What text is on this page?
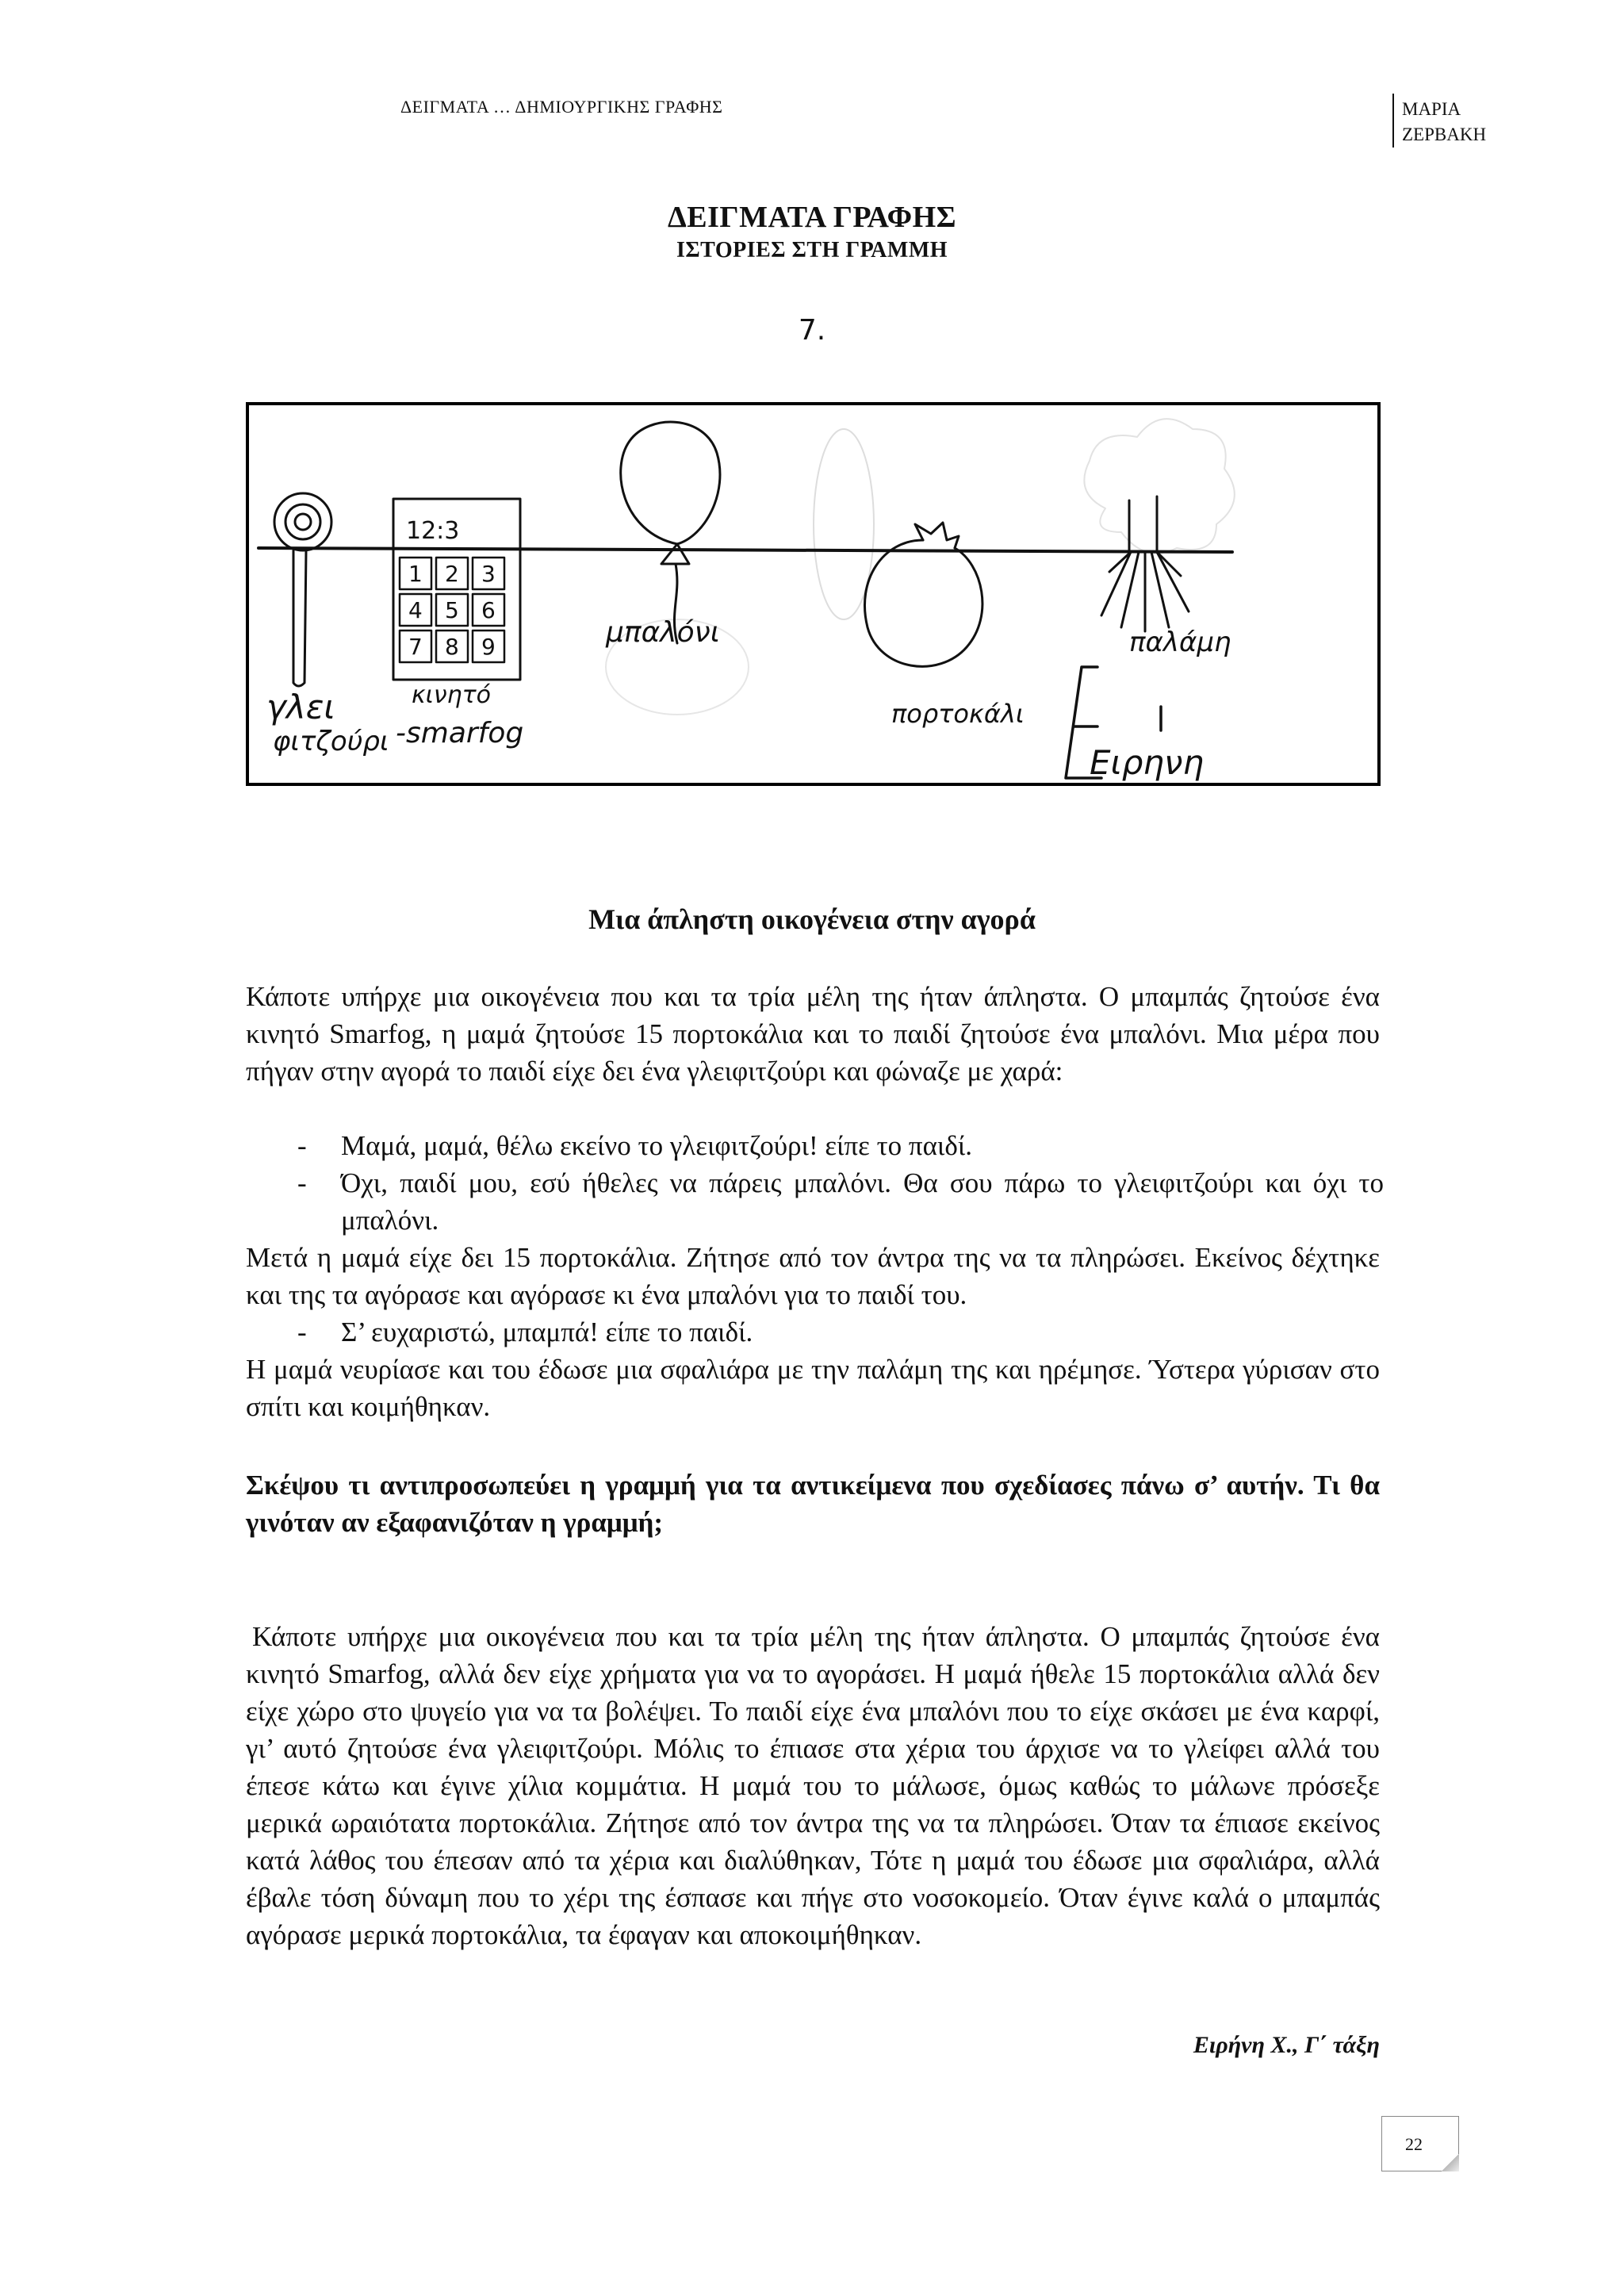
ΔΕΙΓΜΑΤΑ … ΔΗΜΙΟΥΡΓΙΚΗΣ ΓΡΑΦΗΣ	ΜΑΡΙΑ
ΖΕΡΒΑΚΗ
ΔΕΙΓΜΑΤΑ ΓΡΑΦΗΣ
ΙΣΤΟΡΙΕΣ ΣΤΗ ΓΡΑΜΜΗ
7.
12:3
1 2 3
4 5 6
7 8 9
γλει
φιτζούρι
κινητό
-smarfog
μπαλόνι
πορτοκάλι
παλάμη
Ειρηνη
Μια άπληστη οικογένεια στην αγορά
Κάποτε υπήρχε μια οικογένεια που και τα τρία μέλη της ήταν άπληστα. Ο μπαμπάς ζητούσε ένα κινητό Smarfog, η μαμά ζητούσε 15 πορτοκάλια και το παιδί ζητούσε ένα μπαλόνι. Μια μέρα που πήγαν στην αγορά το παιδί είχε δει ένα γλειφιτζούρι και φώναζε με χαρά:
- Μαμά, μαμά, θέλω εκείνο το γλειφιτζούρι! είπε το παιδί.
- Όχι, παιδί μου, εσύ ήθελες να πάρεις μπαλόνι. Θα σου πάρω το γλειφιτζούρι και όχι το μπαλόνι.
Μετά η μαμά είχε δει 15 πορτοκάλια. Ζήτησε από τον άντρα της να τα πληρώσει. Εκείνος δέχτηκε και της τα αγόρασε και αγόρασε κι ένα μπαλόνι για το παιδί του.
- Σ’ ευχαριστώ, μπαμπά! είπε το παιδί.
Η μαμά νευρίασε και του έδωσε μια σφαλιάρα με την παλάμη της και ηρέμησε. Ύστερα γύρισαν στο σπίτι και κοιμήθηκαν.
Σκέψου τι αντιπροσωπεύει η γραμμή για τα αντικείμενα που σχεδίασες πάνω σ’ αυτήν. Τι θα γινόταν αν εξαφανιζόταν η γραμμή;
Κάποτε υπήρχε μια οικογένεια που και τα τρία μέλη της ήταν άπληστα. Ο μπαμπάς ζητούσε ένα κινητό Smarfog, αλλά δεν είχε χρήματα για να το αγοράσει. Η μαμά ήθελε 15 πορτοκάλια αλλά δεν είχε χώρο στο ψυγείο για να τα βολέψει. Το παιδί είχε ένα μπαλόνι που το είχε σκάσει με ένα καρφί, γι’ αυτό ζητούσε ένα γλειφιτζούρι. Μόλις το έπιασε στα χέρια του άρχισε να το γλείφει αλλά του έπεσε κάτω και έγινε χίλια κομμάτια. Η μαμά του το μάλωσε, όμως καθώς το μάλωνε πρόσεξε μερικά ωραιότατα πορτοκάλια. Ζήτησε από τον άντρα της να τα πληρώσει. Όταν τα έπιασε εκείνος κατά λάθος του έπεσαν από τα χέρια και διαλύθηκαν, Τότε η μαμά του έδωσε μια σφαλιάρα, αλλά έβαλε τόση δύναμη που το χέρι της έσπασε και πήγε στο νοσοκομείο. Όταν έγινε καλά ο μπαμπάς αγόρασε μερικά πορτοκάλια, τα έφαγαν και αποκοιμήθηκαν.
Ειρήνη Χ., Γ΄ τάξη
22
